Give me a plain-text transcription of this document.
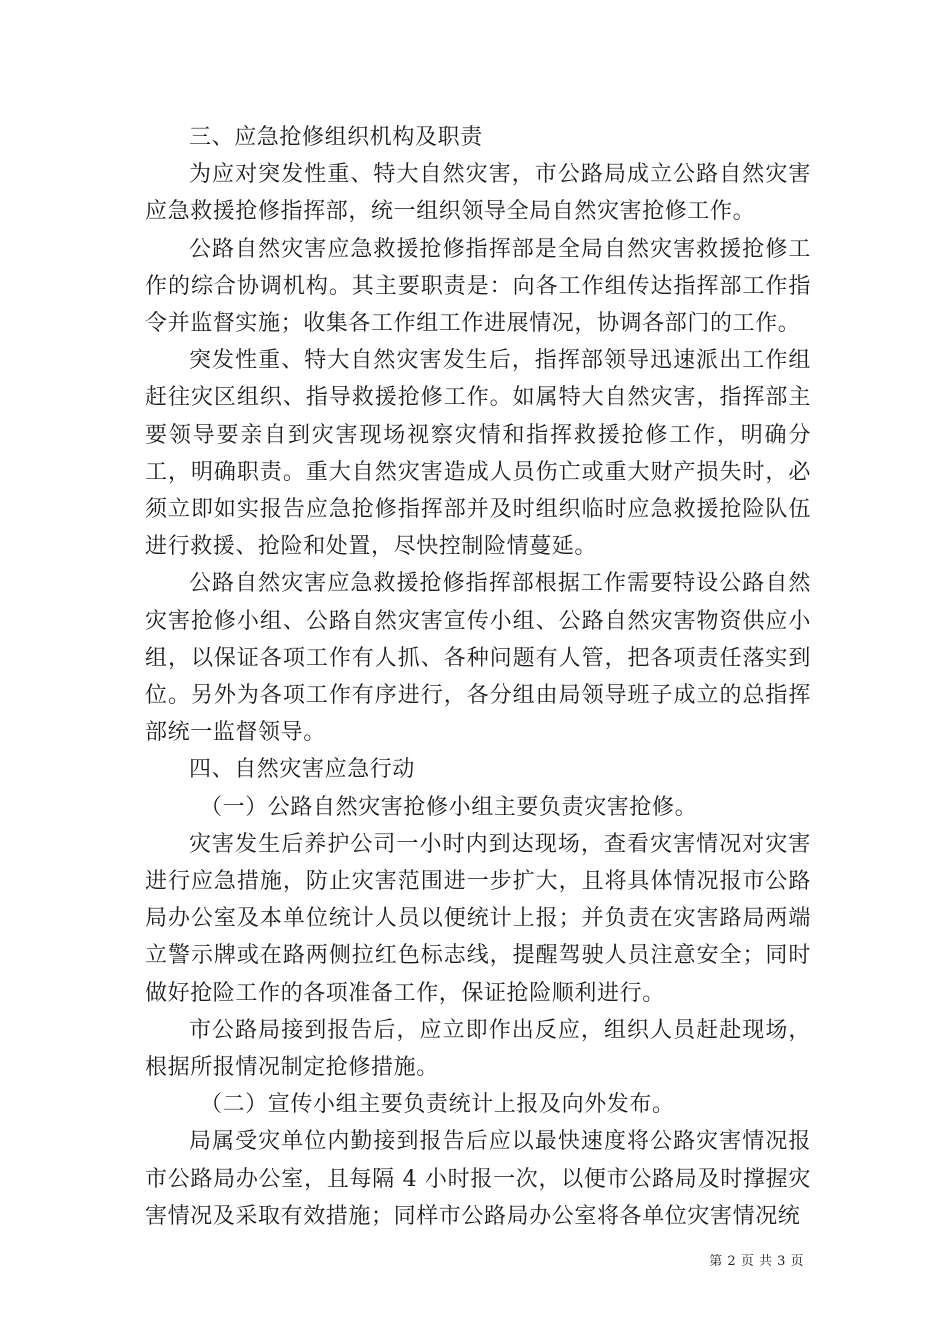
三、应急抢修组织机构及职责

为应对突发性重、特大自然灾害，市公路局成立公路自然灾害应急救援抢修指挥部，统一组织领导全局自然灾害抢修工作。

公路自然灾害应急救援抢修指挥部是全局自然灾害救援抢修工作的综合协调机构。其主要职责是：向各工作组传达指挥部工作指令并监督实施；收集各工作组工作进展情况，协调各部门的工作。

突发性重、特大自然灾害发生后，指挥部领导迅速派出工作组赶往灾区组织、指导救援抢修工作。如属特大自然灾害，指挥部主要领导要亲自到灾害现场视察灾情和指挥救援抢修工作，明确分工，明确职责。重大自然灾害造成人员伤亡或重大财产损失时，必须立即如实报告应急抢修指挥部并及时组织临时应急救援抢险队伍进行救援、抢险和处置，尽快控制险情蔓延。

公路自然灾害应急救援抢修指挥部根据工作需要特设公路自然灾害抢修小组、公路自然灾害宣传小组、公路自然灾害物资供应小组，以保证各项工作有人抓、各种问题有人管，把各项责任落实到位。另外为各项工作有序进行，各分组由局领导班子成立的总指挥部统一监督领导。

四、自然灾害应急行动

（一）公路自然灾害抢修小组主要负责灾害抢修。

灾害发生后养护公司一小时内到达现场，查看灾害情况对灾害进行应急措施，防止灾害范围进一步扩大，且将具体情况报市公路局办公室及本单位统计人员以便统计上报；并负责在灾害路局两端立警示牌或在路两侧拉红色标志线，提醒驾驶人员注意安全；同时做好抢险工作的各项准备工作，保证抢险顺利进行。

市公路局接到报告后，应立即作出反应，组织人员赶赴现场，根据所报情况制定抢修措施。

（二）宣传小组主要负责统计上报及向外发布。

局属受灾单位内勤接到报告后应以最快速度将公路灾害情况报市公路局办公室，且每隔 4 小时报一次，以便市公路局及时撑握灾害情况及采取有效措施；同样市公路局办公室将各单位灾害情况统

第 2 页 共 3 页
